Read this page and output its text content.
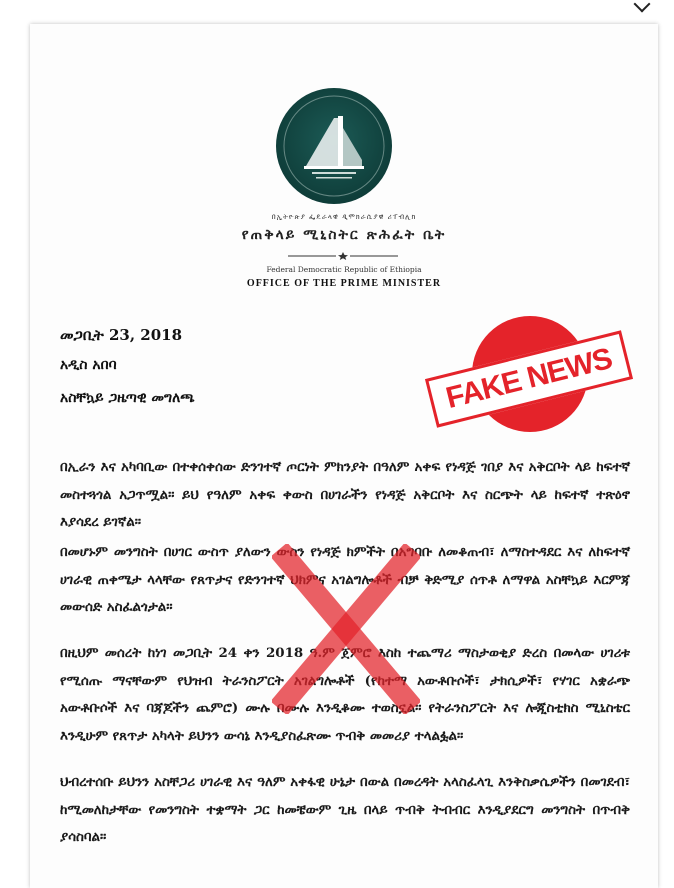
በኢትዮጵያ ፌዴራላዊ ዲሞክራሲያዊ ሪፐብሊክ
የጠቅላይ ሚኒስትር ጽሕፈት ቤት
Federal Democratic Republic of Ethiopia
OFFICE OF THE PRIME MINISTER
መጋቢት 23, 2018
አዲስ አበባ
አስቸኳይ ጋዜጣዊ መግለጫ
በኢራን እና አካባቢው በተቀሰቀሰው ድንገተኛ ጦርነት ምክንያት በዓለም አቀፍ የነዳጅ ገበያ እና አቅርቦት ላይ ከፍተኛ መስተጓጎል አጋጥሟል። ይህ የዓለም አቀፍ ቀውስ በሀገራችን የነዳጅ አቅርቦት እና ስርጭት ላይ ከፍተኛ ተጽዕኖ እያሳደረ ይገኛል።
በመሆኑም መንግስት በሀገር ውስጥ ያለውን ውስን የነዳጅ ክምችት በአግባቡ ለመቆጠብ፣ ለማስተዳደር እና ለከፍተኛ ሀገራዊ ጠቀሜታ ላላቸው የጸጥታና የድንገተኛ ህክምና አገልግሎቶች ብቻ ቅድሚያ ሰጥቶ ለማዋል አስቸኳይ እርምጃ መውሰድ አስፈልጎታል።
በዚህም መሰረት ከነገ መጋቢት 24 ቀን 2018 ዓ.ም ጀምሮ እስከ ተጨማሪ ማስታወቂያ ድረስ በመላው ሀገሪቱ የሚሰጡ ማናቸውም የህዝብ ትራንስፖርት አገልግሎቶች (የከተማ አውቶቡሶች፣ ታክሲዎች፣ የሃገር አቋራጭ አውቶቡሶች እና ባጃጆችን ጨምሮ) ሙሉ በሙሉ እንዲቆሙ ተወስኗል። የትራንስፖርት እና ሎጂስቲክስ ሚኒስቴር እንዲሁም የጸጥታ አካላት ይህንን ውሳኔ እንዲያስፈጽሙ ጥብቅ መመሪያ ተላልፏል።
ህብረተሰቡ ይህንን አስቸጋሪ ሀገራዊ እና ዓለም አቀፋዊ ሁኔታ በውል በመረዳት አላስፈላጊ እንቅስቃሴዎችን በመገደብ፣ ከሚመለከታቸው የመንግስት ተቋማት ጋር ከመቼውም ጊዜ በላይ ጥብቅ ትብብር እንዲያደርግ መንግስት በጥብቅ ያሳስባል።
FAKE NEWS
